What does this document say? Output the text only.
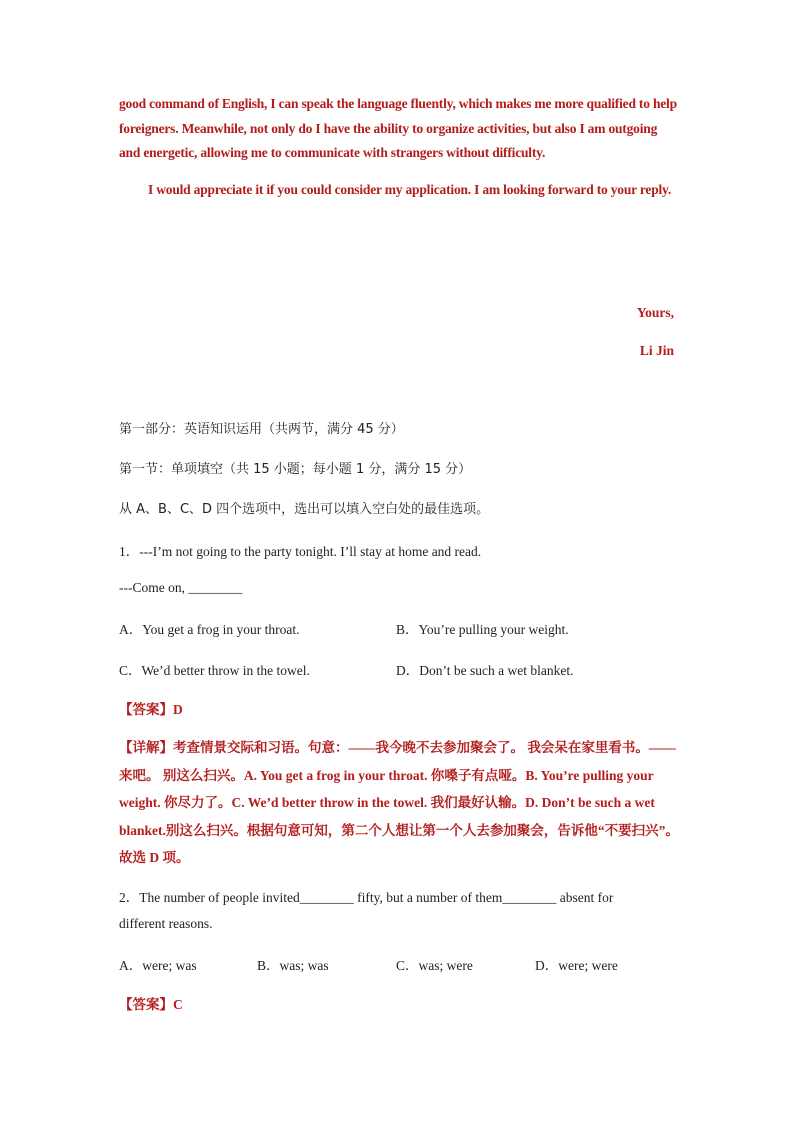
good command of English, I can speak the language fluently, which makes me more qualified to help foreigners. Meanwhile, not only do I have the ability to organize activities, but also I am outgoing and energetic, allowing me to communicate with strangers without difficulty.

I would appreciate it if you could consider my application. I am looking forward to your reply.

Yours,
Li Jin
第一部分：英语知识运用（共两节，满分 45 分）
第一节：单项填空（共 15 小题；每小题 1 分，满分 15 分）
从 A、B、C、D 四个选项中，选出可以填入空白处的最佳选项。
1．---I’m not going to the party tonight. I’ll stay at home and read.
---Come on, ________
A．You get a frog in your throat.	B．You’re pulling your weight.
C．We’d better throw in the towel.	D．Don’t be such a wet blanket.
【答案】D

【详解】考查情景交际和习语。句意：——我今晚不去参加聚会了。 我会呆在家里看书。——来吧。 别这么扫兴。A. You get a frog in your throat. 你嗓子有点哑。B. You’re pulling your weight. 你尽力了。C. We’d better throw in the towel. 我们最好认输。D. Don’t be such a wet blanket.别这么扫兴。根据句意可知，第二个人想让第一个人去参加聚会，告诉他“不要扫兴”。故选 D 项。

2．The number of people invited________ fifty, but a number of them________ absent for different reasons.
A．were; was	B．was; was	C．was; were	D．were; were
【答案】C
